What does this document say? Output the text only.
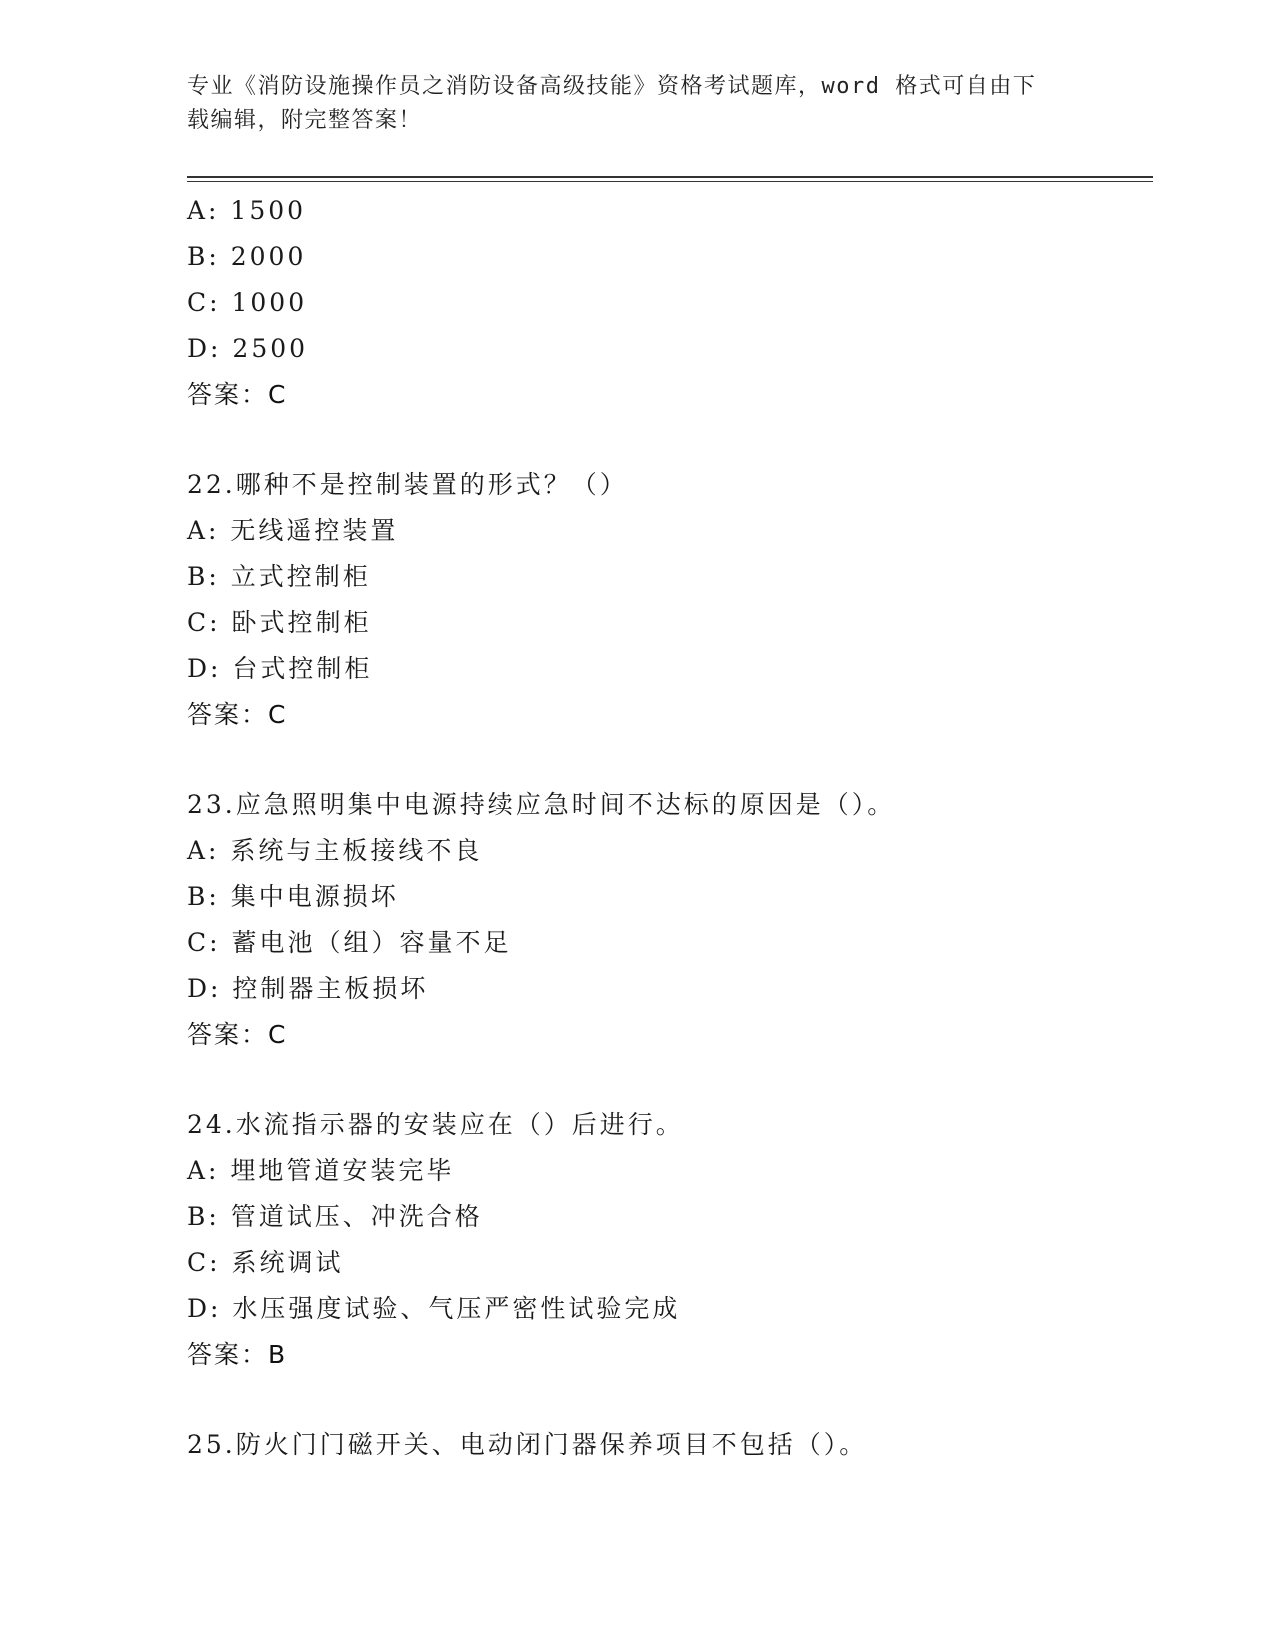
专业《消防设施操作员之消防设备高级技能》资格考试题库，word 格式可自由下
载编辑，附完整答案！
A: 1500
B: 2000
C: 1000
D: 2500
答案：C
22.哪种不是控制装置的形式？（）
A: 无线遥控装置
B: 立式控制柜
C: 卧式控制柜
D: 台式控制柜
答案：C
23.应急照明集中电源持续应急时间不达标的原因是（）。
A: 系统与主板接线不良
B: 集中电源损坏
C: 蓄电池（组）容量不足
D: 控制器主板损坏
答案：C
24.水流指示器的安装应在（）后进行。
A: 埋地管道安装完毕
B: 管道试压、冲洗合格
C: 系统调试
D: 水压强度试验、气压严密性试验完成
答案：B
25.防火门门磁开关、电动闭门器保养项目不包括（）。
